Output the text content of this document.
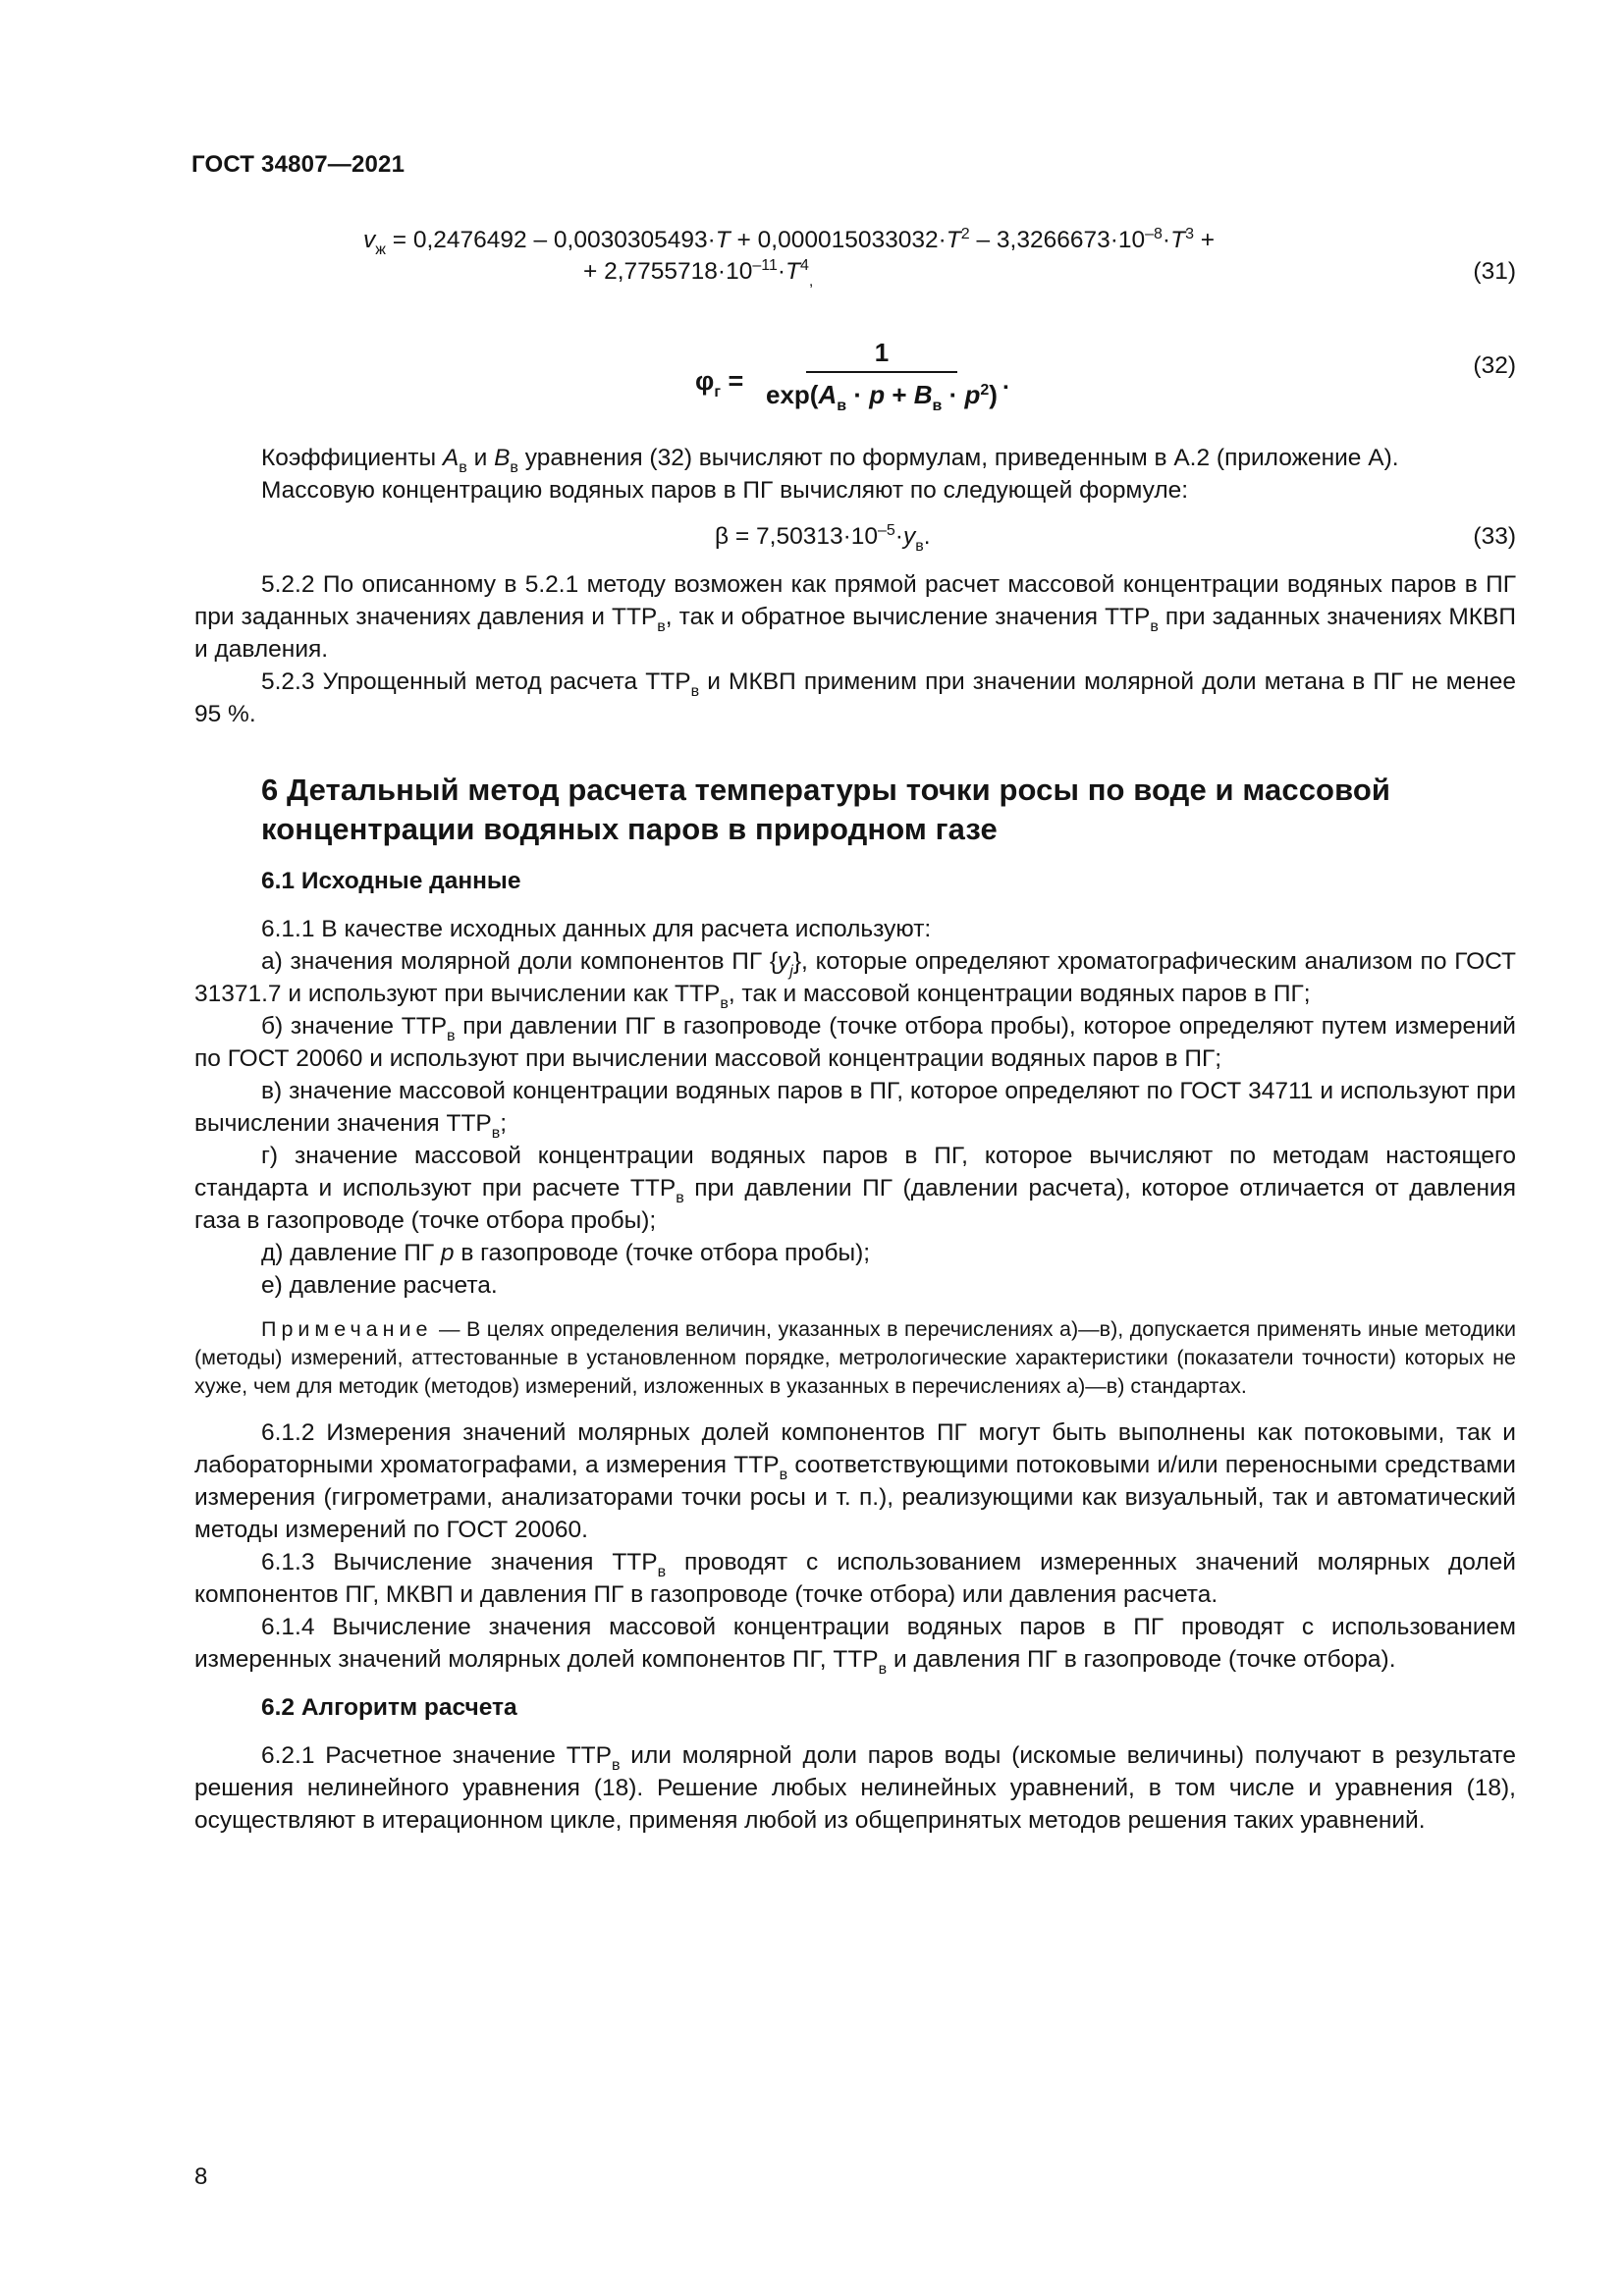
ГОСТ 34807—2021
$v_ж = 0,2476492 - 0,0030305493\cdot T + 0,000015033032\cdot T^2 - 3,3266673\cdot 10^{-8}\cdot T^3$ +
+ $2,7755718\cdot 10^{-11}\cdot T^4_,$	(31)
$\varphi_г$ =
1
$\exp(A_в \cdot p + B_в \cdot p^2)$ .
(32)

Коэффициенты $A_в$ и $B_в$ уравнения (32) вычисляют по формулам, приведенным в А.2 (приложение А).

Массовую концентрацию водяных паров в ПГ вычисляют по следующей формуле:

$\beta = 7,50313\cdot 10^{-5}\cdot y_в$.	(33)

5.2.2 По описанному в 5.2.1 методу возможен как прямой расчет массовой концентрации водяных паров в ПГ при заданных значениях давления и $ТТР_в$, так и обратное вычисление значения $ТТР_в$ при заданных значениях МКВП и давления.

5.2.3 Упрощенный метод расчета $ТТР_в$ и МКВП применим при значении молярной доли метана в ПГ не менее 95 %.

6 Детальный метод расчета температуры точки росы по воде и массовой концентрации водяных паров в природном газе
6.1 Исходные данные

6.1.1 В качестве исходных данных для расчета используют:

а) значения молярной доли компонентов ПГ $\{y_j\}$, которые определяют хроматографическим анализом по ГОСТ 31371.7 и используют при вычислении как $ТТР_в$, так и массовой концентрации водяных паров в ПГ;

б) значение $ТТР_в$ при давлении ПГ в газопроводе (точке отбора пробы), которое определяют путем измерений по ГОСТ 20060 и используют при вычислении массовой концентрации водяных паров в ПГ;

в) значение массовой концентрации водяных паров в ПГ, которое определяют по ГОСТ 34711 и используют при вычислении значения $ТТР_в$;

г) значение массовой концентрации водяных паров в ПГ, которое вычисляют по методам настоящего стандарта и используют при расчете $ТТР_в$ при давлении ПГ (давлении расчета), которое отличается от давления газа в газопроводе (точке отбора пробы);

д) давление ПГ p в газопроводе (точке отбора пробы);

е) давление расчета.

Примечание — В целях определения величин, указанных в перечислениях а)—в), допускается применять иные методики (методы) измерений, аттестованные в установленном порядке, метрологические характеристики (показатели точности) которых не хуже, чем для методик (методов) измерений, изложенных в указанных в перечислениях а)—в) стандартах.

6.1.2 Измерения значений молярных долей компонентов ПГ могут быть выполнены как потоковыми, так и лабораторными хроматографами, а измерения $ТТР_в$ соответствующими потоковыми и/или переносными средствами измерения (гигрометрами, анализаторами точки росы и т. п.), реализующими как визуальный, так и автоматический методы измерений по ГОСТ 20060.

6.1.3 Вычисление значения $ТТР_в$ проводят с использованием измеренных значений молярных долей компонентов ПГ, МКВП и давления ПГ в газопроводе (точке отбора) или давления расчета.

6.1.4 Вычисление значения массовой концентрации водяных паров в ПГ проводят с использованием измеренных значений молярных долей компонентов ПГ, $ТТР_в$ и давления ПГ в газопроводе (точке отбора).

6.2 Алгоритм расчета

6.2.1 Расчетное значение $ТТР_в$ или молярной доли паров воды (искомые величины) получают в результате решения нелинейного уравнения (18). Решение любых нелинейных уравнений, в том числе и уравнения (18), осуществляют в итерационном цикле, применяя любой из общепринятых методов решения таких уравнений.

8
